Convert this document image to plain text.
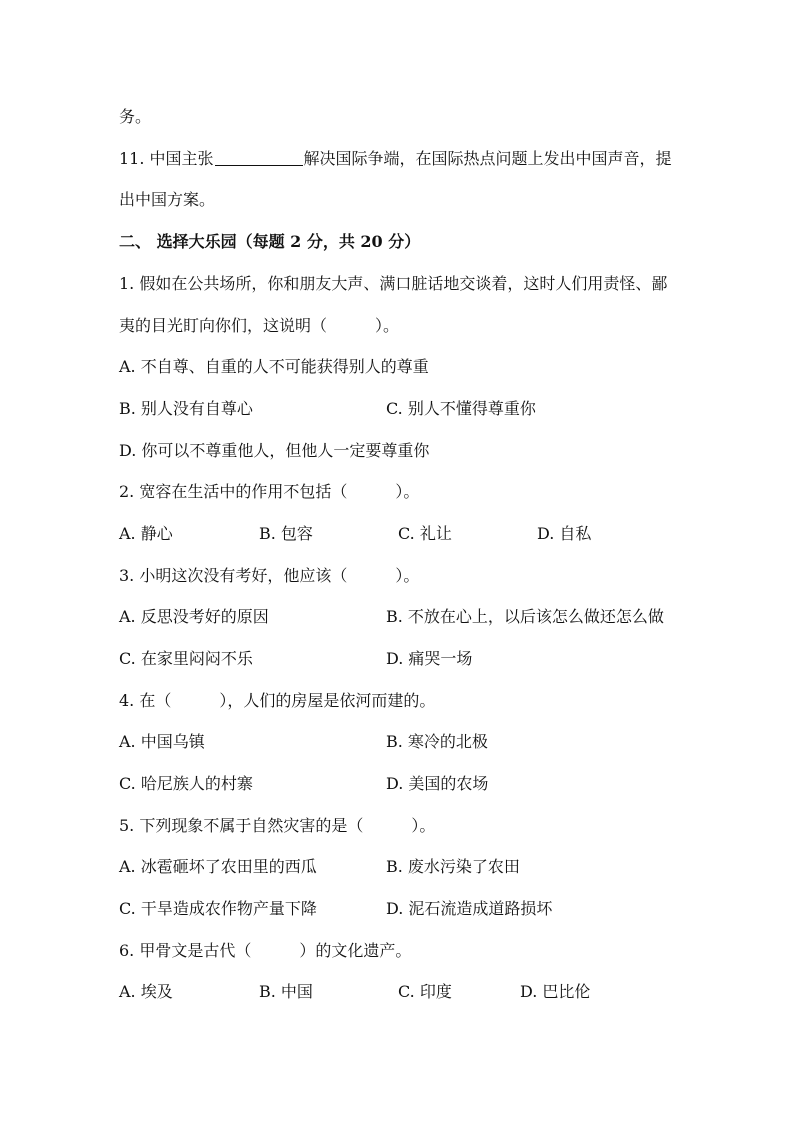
务。
11. 中国主张	解决国际争端，在国际热点问题上发出中国声音，提
出中国方案。
二、 选择大乐园（每题 2 分，共 20 分）
1. 假如在公共场所，你和朋友大声、满口脏话地交谈着，这时人们用责怪、鄙
夷的目光盯向你们，这说明（　　　）。
A. 不自尊、自重的人不可能获得别人的尊重
B. 别人没有自尊心	C. 别人不懂得尊重你
D. 你可以不尊重他人，但他人一定要尊重你
2. 宽容在生活中的作用不包括（　　　）。
A. 静心	B. 包容	C. 礼让	D. 自私
3. 小明这次没有考好，他应该（　　　）。
A. 反思没考好的原因	B. 不放在心上，以后该怎么做还怎么做
C. 在家里闷闷不乐	D. 痛哭一场
4. 在（　　　），人们的房屋是依河而建的。
A. 中国乌镇	B. 寒冷的北极
C. 哈尼族人的村寨	D. 美国的农场
5. 下列现象不属于自然灾害的是（　　　）。
A. 冰雹砸坏了农田里的西瓜	B. 废水污染了农田
C. 干旱造成农作物产量下降	D. 泥石流造成道路损坏
6. 甲骨文是古代（　　　）的文化遗产。
A. 埃及	B. 中国	C. 印度	D. 巴比伦
